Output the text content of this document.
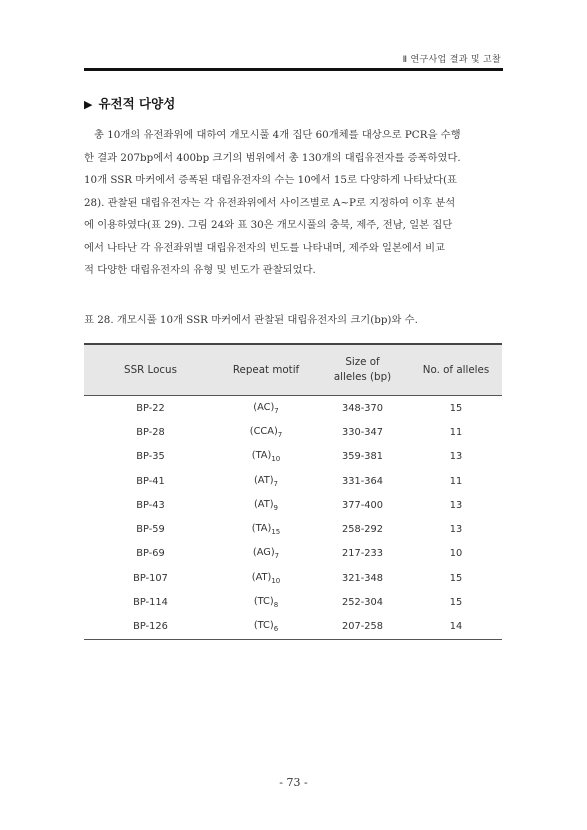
Ⅱ 연구사업 결과 및 고찰
▶ 유전적 다양성
총 10개의 유전좌위에 대하여 개모시풀 4개 집단 60개체를 대상으로 PCR을 수행
한 결과 207bp에서 400bp 크기의 범위에서 총 130개의 대립유전자를 증폭하였다.
10개 SSR 마커에서 증폭된 대립유전자의 수는 10에서 15로 다양하게 나타났다(표
28). 관찰된 대립유전자는 각 유전좌위에서 사이즈별로 A~P로 지정하여 이후 분석
에 이용하였다(표 29). 그림 24와 표 30은 개모시풀의 충북, 제주, 전남, 일본 집단
에서 나타난 각 유전좌위별 대립유전자의 빈도를 나타내며, 제주와 일본에서 비교
적 다양한 대립유전자의 유형 및 빈도가 관찰되었다.
표 28. 개모시풀 10개 SSR 마커에서 관찰된 대립유전자의 크기(bp)와 수.
SSR Locus	Repeat motif	Size of
alleles (bp)	No. of alleles
BP-22	$(AC)_7$	348-370	15
BP-28	$(CCA)_7$	330-347	11
BP-35	$(TA)_{10}$	359-381	13
BP-41	$(AT)_7$	331-364	11
BP-43	$(AT)_9$	377-400	13
BP-59	$(TA)_{15}$	258-292	13
BP-69	$(AG)_7$	217-233	10
BP-107	$(AT)_{10}$	321-348	15
BP-114	$(TC)_8$	252-304	15
BP-126	$(TC)_6$	207-258	14
- 73 -
